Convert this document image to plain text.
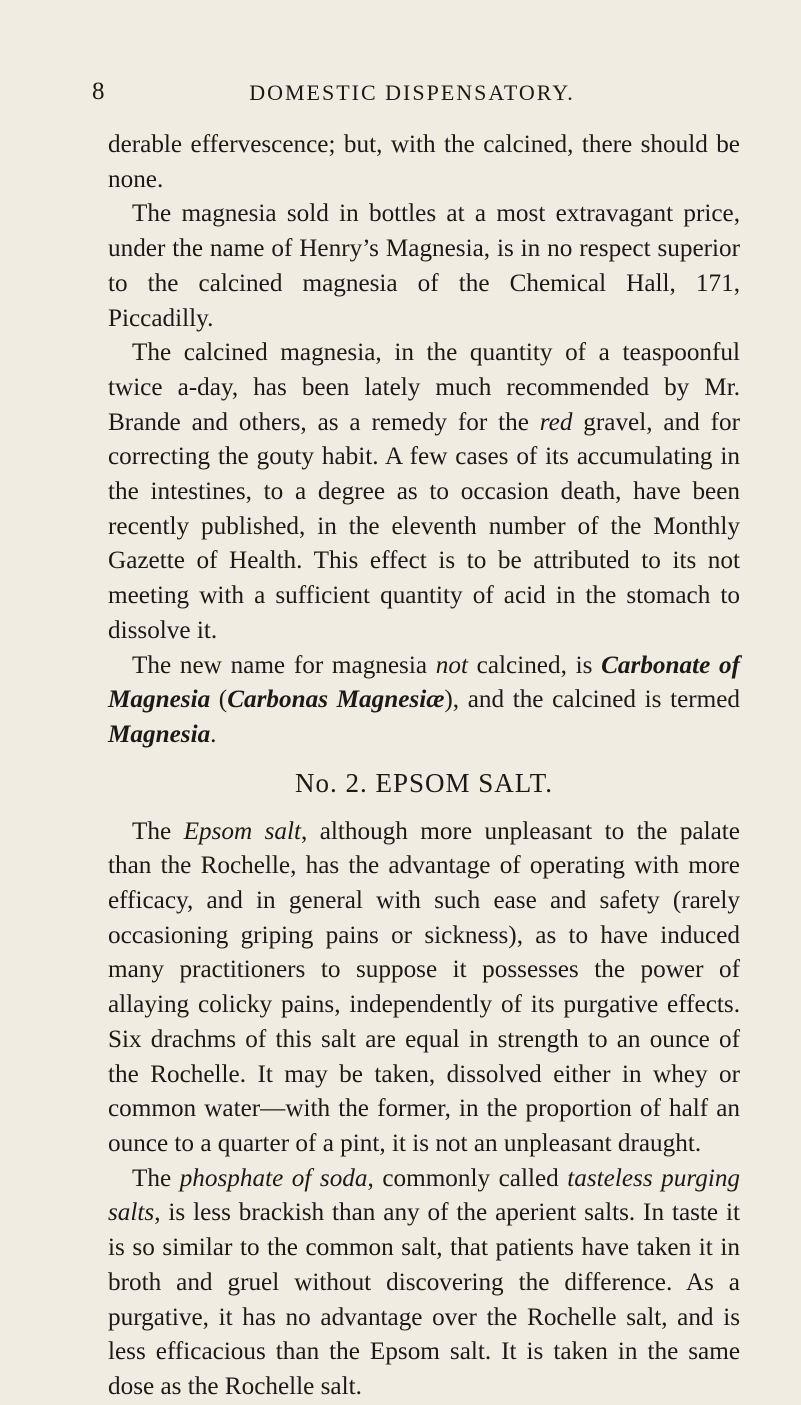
8	DOMESTIC DISPENSATORY.

derable effervescence; but, with the calcined, there should be none.

The magnesia sold in bottles at a most extravagant price, under the name of Henry’s Magnesia, is in no respect superior to the calcined magnesia of the Chemical Hall, 171, Piccadilly.

The calcined magnesia, in the quantity of a teaspoonful twice a-day, has been lately much recommended by Mr. Brande and others, as a remedy for the red gravel, and for correcting the gouty habit. A few cases of its accumulating in the intestines, to a degree as to occasion death, have been recently published, in the eleventh number of the Monthly Gazette of Health. This effect is to be attributed to its not meeting with a sufficient quantity of acid in the stomach to dissolve it.

The new name for magnesia not calcined, is Carbonate of Magnesia (Carbonas Magnesiæ), and the calcined is termed Magnesia.

No. 2. EPSOM SALT.

The Epsom salt, although more unpleasant to the palate than the Rochelle, has the advantage of operating with more efficacy, and in general with such ease and safety (rarely occasioning griping pains or sickness), as to have induced many practitioners to suppose it possesses the power of allaying colicky pains, independently of its purgative effects. Six drachms of this salt are equal in strength to an ounce of the Rochelle. It may be taken, dissolved either in whey or common water—with the former, in the proportion of half an ounce to a quarter of a pint, it is not an unpleasant draught.

The phosphate of soda, commonly called tasteless purging salts, is less brackish than any of the aperient salts. In taste it is so similar to the common salt, that patients have taken it in broth and gruel without discovering the difference. As a purgative, it has no advantage over the Rochelle salt, and is less efficacious than the Epsom salt. It is taken in the same dose as the Rochelle salt.
